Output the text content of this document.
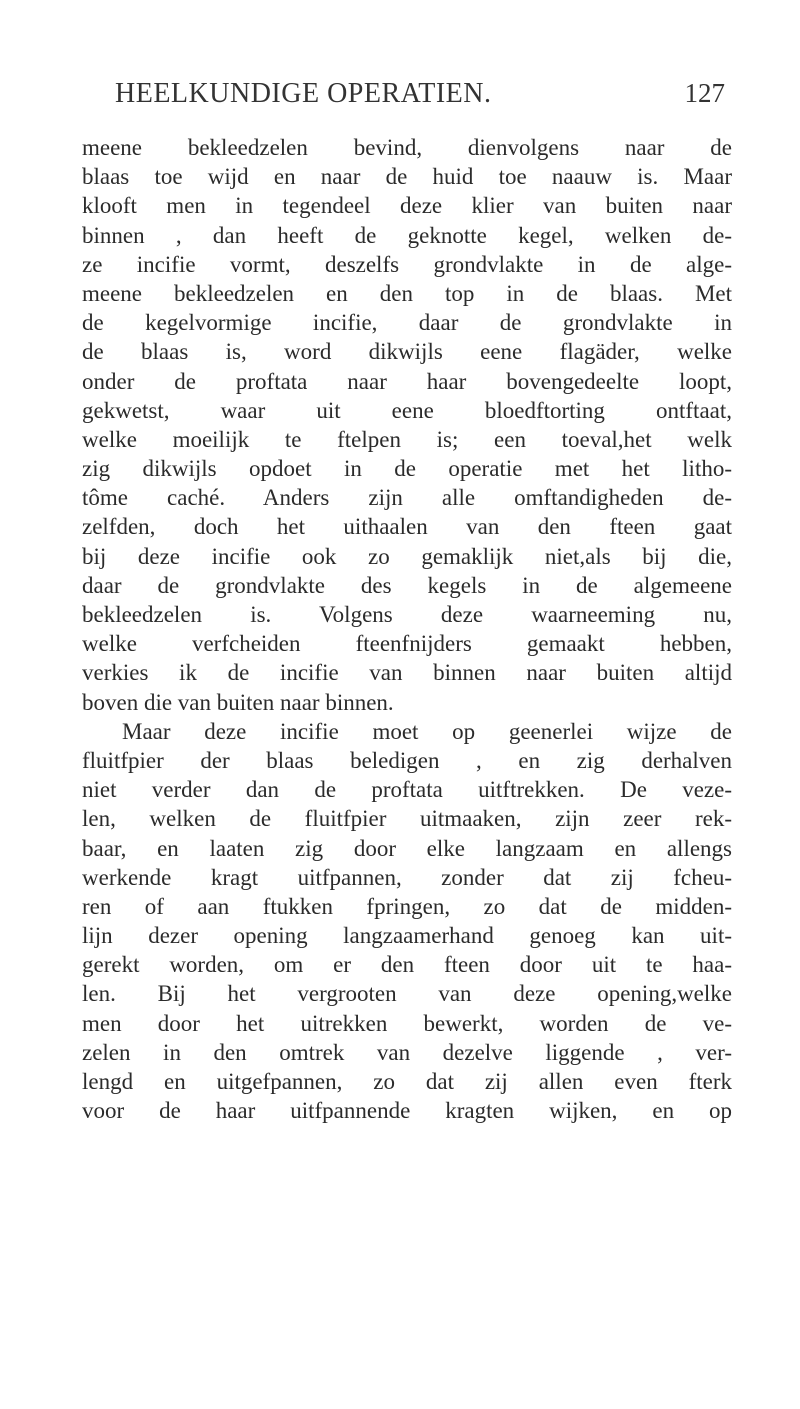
HEELKUNDIGE OPERATIEN.	127
meene bekleedzelen bevind, dienvolgens naar de
blaas toe wijd en naar de huid toe naauw is. Maar
klooft men in tegendeel deze klier van buiten naar
binnen , dan heeft de geknotte kegel, welken de-
ze incifie vormt, deszelfs grondvlakte in de alge-
meene bekleedzelen en den top in de blaas. Met
de kegelvormige incifie, daar de grondvlakte in
de blaas is, word dikwijls eene flagäder, welke
onder de proftata naar haar bovengedeelte loopt,
gekwetst, waar uit eene bloedftorting ontftaat,
welke moeilijk te ftelpen is; een toeval,het welk
zig dikwijls opdoet in de operatie met het litho-
tôme caché. Anders zijn alle omftandigheden de-
zelfden, doch het uithaalen van den fteen gaat
bij deze incifie ook zo gemaklijk niet,als bij die,
daar de grondvlakte des kegels in de algemeene
bekleedzelen is. Volgens deze waarneeming nu,
welke verfcheiden fteenfnijders gemaakt hebben,
verkies ik de incifie van binnen naar buiten altijd
boven die van buiten naar binnen.
Maar deze incifie moet op geenerlei wijze de
fluitfpier der blaas beledigen , en zig derhalven
niet verder dan de proftata uitftrekken. De veze-
len, welken de fluitfpier uitmaaken, zijn zeer rek-
baar, en laaten zig door elke langzaam en allengs
werkende kragt uitfpannen, zonder dat zij fcheu-
ren of aan ftukken fpringen, zo dat de midden-
lijn dezer opening langzaamerhand genoeg kan uit-
gerekt worden, om er den fteen door uit te haa-
len. Bij het vergrooten van deze opening,welke
men door het uitrekken bewerkt, worden de ve-
zelen in den omtrek van dezelve liggende , ver-
lengd en uitgefpannen, zo dat zij allen even fterk
voor de haar uitfpannende kragten wijken, en op
